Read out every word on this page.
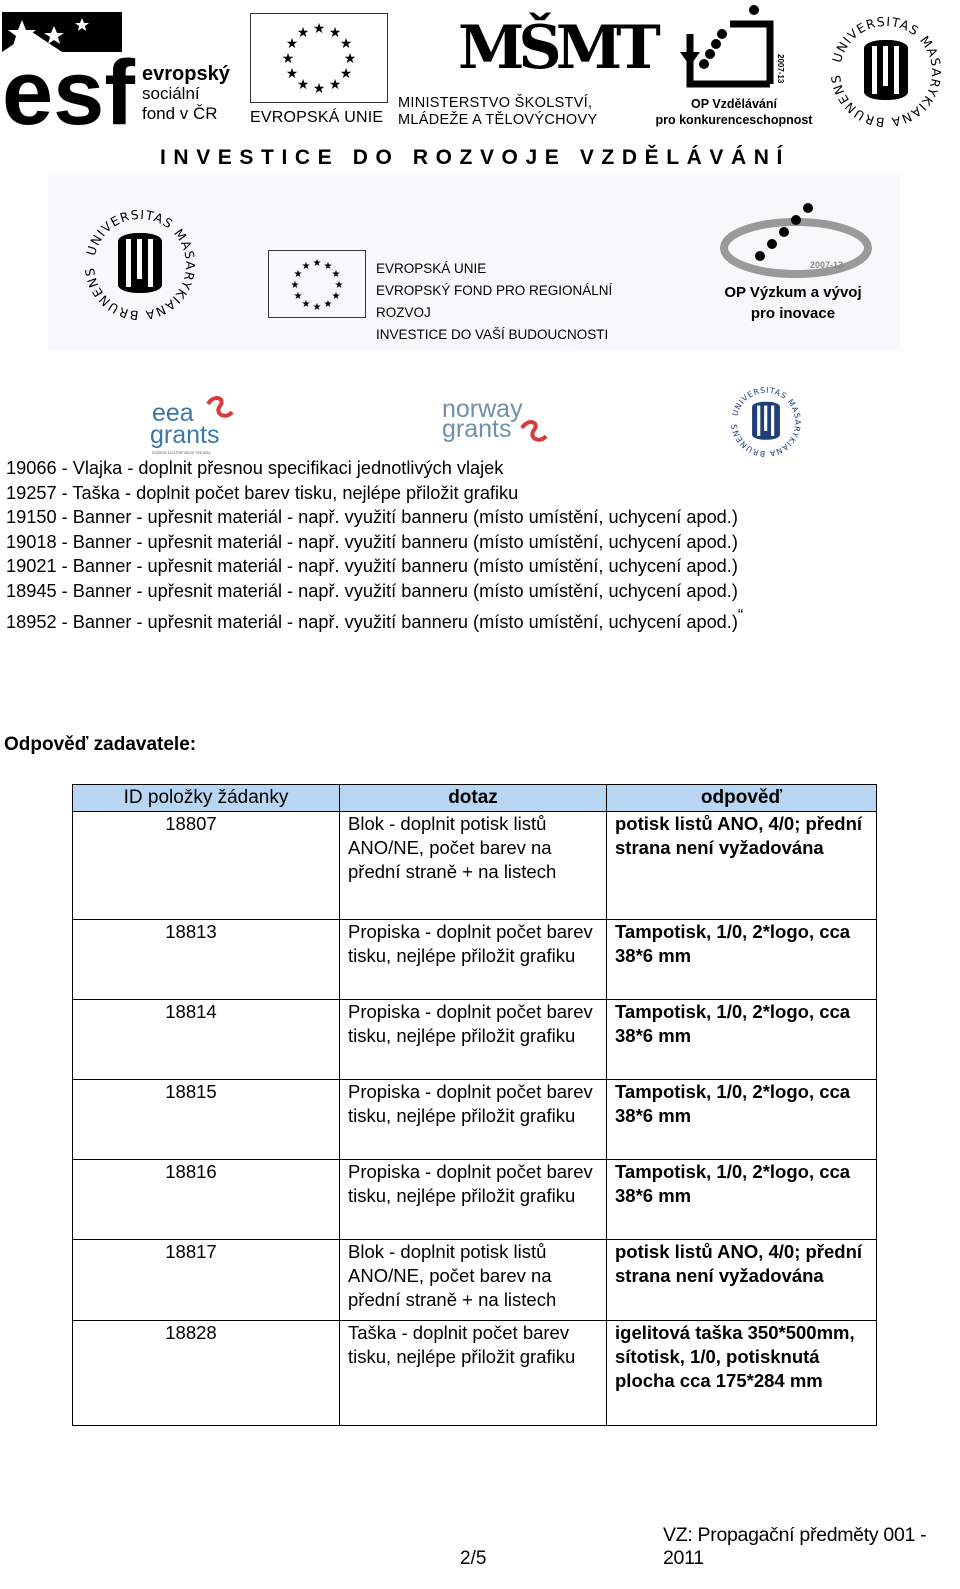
esf evropský
sociální
fond v ČR
★ ★
★
★
★
★
★
★
★
★
★
★
EVROPSKÁ UNIE
MŠMT
MINISTERSTVO ŠKOLSTVÍ,
MLÁDEŽE A TĚLOVÝCHOVY
2007-13
OP Vzdělávání
pro konkurenceschopnost
UNIVERSITAS MASARYKIANA BRUNENS
INVESTICE DO ROZVOJE VZDĚLÁVÁNÍ
UNIVERSITAS MASARYKIANA BRUNENS
★ ★
★
★
★
★
★
★
★
★
★
★	EVROPSKÁ UNIE
EVROPSKÝ FOND PRO REGIONÁLNÍ ROZVOJ
INVESTICE DO VAŠÍ BUDOUCNOSTI
2007-13
OP Výzkum a vývoj
pro inovace
eea
grants
Iceland Liechtenstein Norway
norway
grants
UNIVERSITAS MASARYKIANA BRUNENS
19066 - Vlajka - doplnit přesnou specifikaci jednotlivých vlajek
19257 - Taška - doplnit počet barev tisku, nejlépe přiložit grafiku
19150 - Banner - upřesnit materiál - např. využití banneru (místo umístění, uchycení apod.)
19018 - Banner - upřesnit materiál - např. využití banneru (místo umístění, uchycení apod.)
19021 - Banner - upřesnit materiál - např. využití banneru (místo umístění, uchycení apod.)
18945 - Banner - upřesnit materiál - např. využití banneru (místo umístění, uchycení apod.)
18952 - Banner - upřesnit materiál - např. využití banneru (místo umístění, uchycení apod.)“
Odpověď zadavatele:
ID položky žádanky	dotaz	odpověď
18807	Blok - doplnit potisk listů ANO/NE, počet barev na přední straně + na listech	potisk listů ANO, 4/0; přední strana není vyžadována
18813	Propiska - doplnit počet barev tisku, nejlépe přiložit grafiku	Tampotisk, 1/0, 2*logo, cca 38*6 mm
18814	Propiska - doplnit počet barev tisku, nejlépe přiložit grafiku	Tampotisk, 1/0, 2*logo, cca 38*6 mm
18815	Propiska - doplnit počet barev tisku, nejlépe přiložit grafiku	Tampotisk, 1/0, 2*logo, cca 38*6 mm
18816	Propiska - doplnit počet barev tisku, nejlépe přiložit grafiku	Tampotisk, 1/0, 2*logo, cca 38*6 mm
18817	Blok - doplnit potisk listů ANO/NE, počet barev na přední straně + na listech	potisk listů ANO, 4/0; přední strana není vyžadována
18828	Taška - doplnit počet barev tisku, nejlépe přiložit grafiku	igelitová taška 350*500mm, sítotisk, 1/0, potisknutá plocha cca 175*284 mm
VZ: Propagační předměty 001 - 2011
2/5
